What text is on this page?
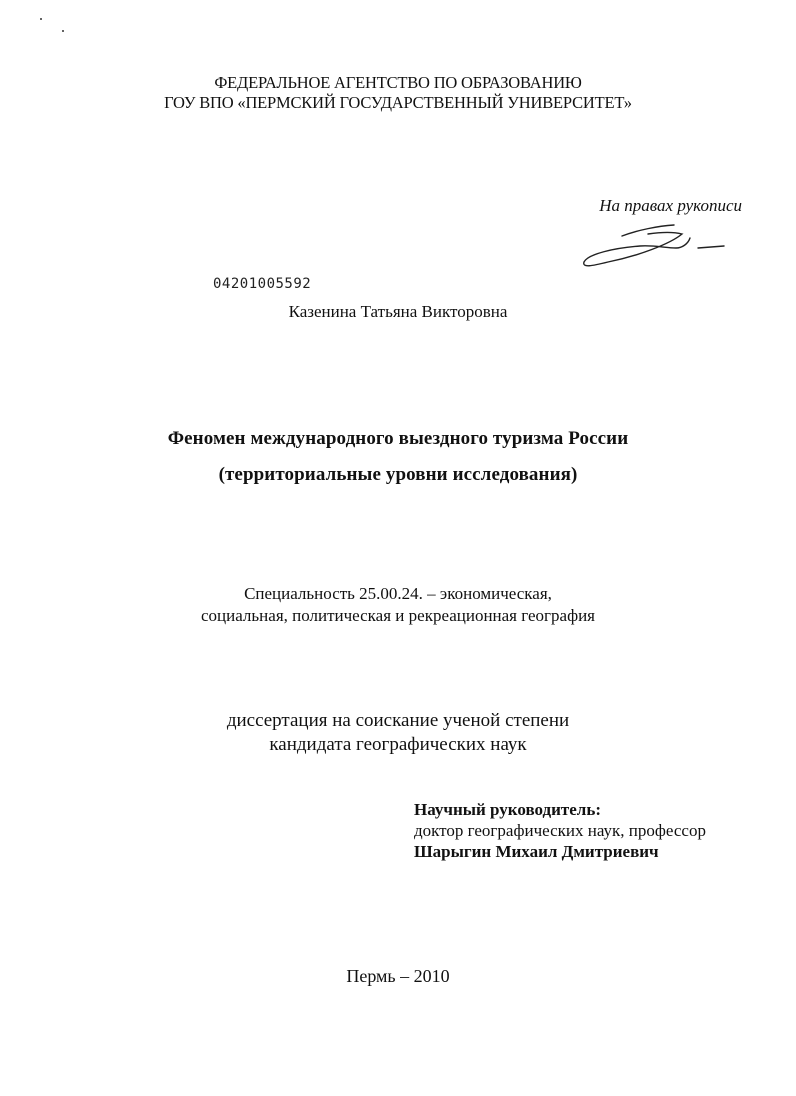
ФЕДЕРАЛЬНОЕ АГЕНТСТВО ПО ОБРАЗОВАНИЮ
ГОУ ВПО «ПЕРМСКИЙ ГОСУДАРСТВЕННЫЙ УНИВЕРСИТЕТ»
На правах рукописи
04201005592
Казенина Татьяна Викторовна
Феномен международного выездного туризма России
(территориальные уровни исследования)
Специальность 25.00.24. – экономическая,
социальная, политическая и рекреационная география
диссертация на соискание ученой степени
кандидата географических наук
Научный руководитель:
доктор географических наук, профессор
Шарыгин Михаил Дмитриевич
Пермь – 2010
